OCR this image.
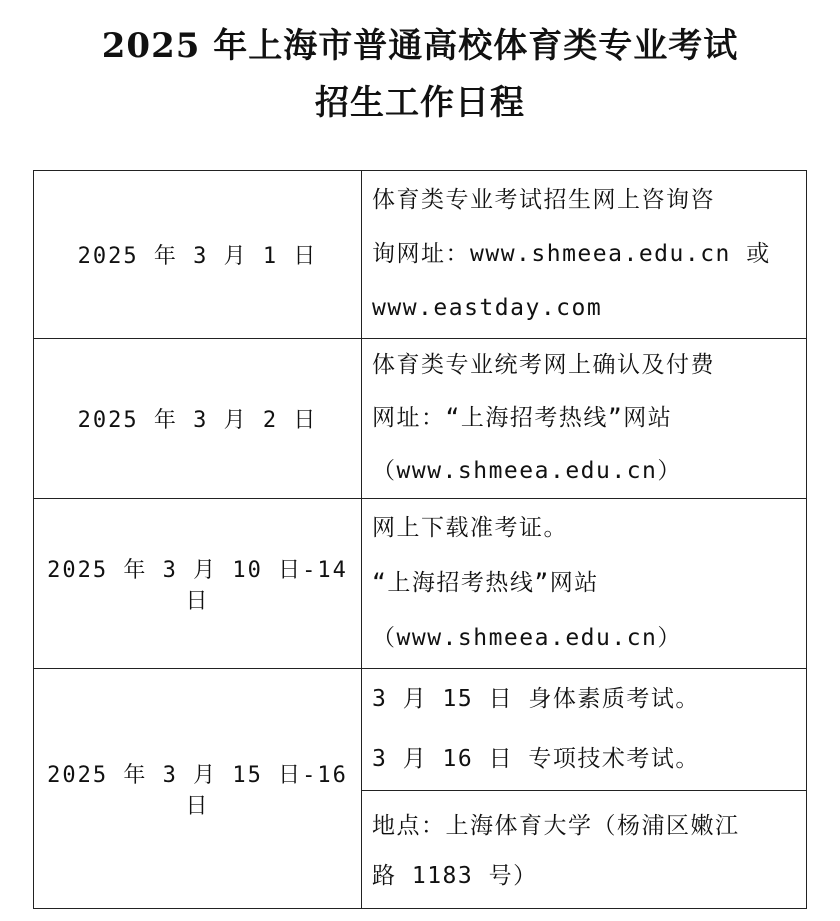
2025 年上海市普通高校体育类专业考试
招生工作日程
2025 年 3 月 1 日	体育类专业考试招生网上咨询咨
询网址：www.shmeea.edu.cn 或
www.eastday.com

2025 年 3 月 2 日	体育类专业统考网上确认及付费
网址：“上海招考热线”网站
（www.shmeea.edu.cn）

2025 年 3 月 10 日-14 日	网上下载准考证。
“上海招考热线”网站
（www.shmeea.edu.cn）

2025 年 3 月 15 日-16 日	3 月 15 日 身体素质考试。
3 月 16 日 专项技术考试。

	地点：上海体育大学（杨浦区嫩江
路 1183 号）
